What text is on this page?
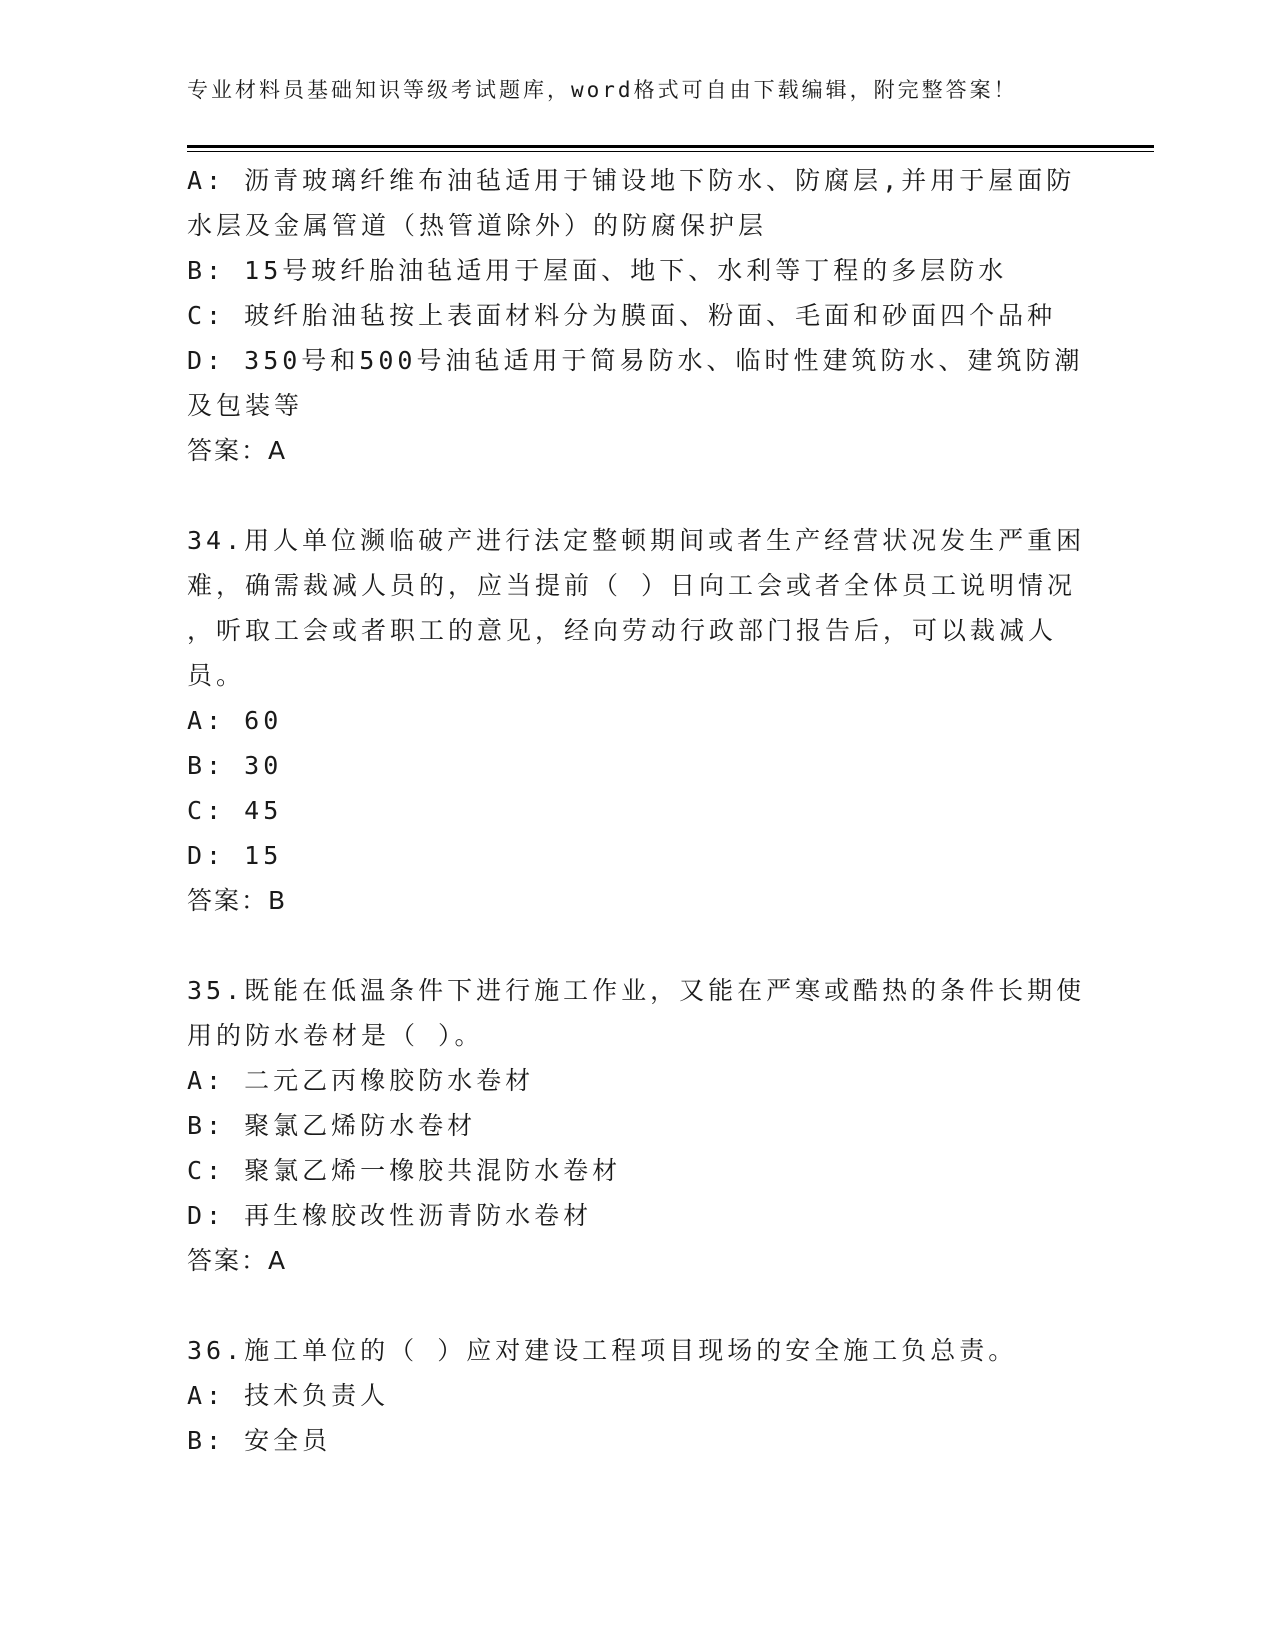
专业材料员基础知识等级考试题库，word格式可自由下载编辑，附完整答案！
A: 沥青玻璃纤维布油毡适用于铺设地下防水、防腐层,并用于屋面防
水层及金属管道（热管道除外）的防腐保护层
B: 15号玻纤胎油毡适用于屋面、地下、水利等丁程的多层防水
C: 玻纤胎油毡按上表面材料分为膜面、粉面、毛面和砂面四个品种
D: 350号和500号油毡适用于简易防水、临时性建筑防水、建筑防潮
及包装等
答案：A
34.用人单位濒临破产进行法定整顿期间或者生产经营状况发生严重困
难，确需裁减人员的，应当提前（ ）日向工会或者全体员工说明情况
，听取工会或者职工的意见，经向劳动行政部门报告后，可以裁减人
员。
A: 60
B: 30
C: 45
D: 15
答案：B
35.既能在低温条件下进行施工作业，又能在严寒或酷热的条件长期使
用的防水卷材是（ ）。
A: 二元乙丙橡胶防水卷材
B: 聚氯乙烯防水卷材
C: 聚氯乙烯一橡胶共混防水卷材
D: 再生橡胶改性沥青防水卷材
答案：A
36.施工单位的（ ）应对建设工程项目现场的安全施工负总责。
A: 技术负责人
B: 安全员
